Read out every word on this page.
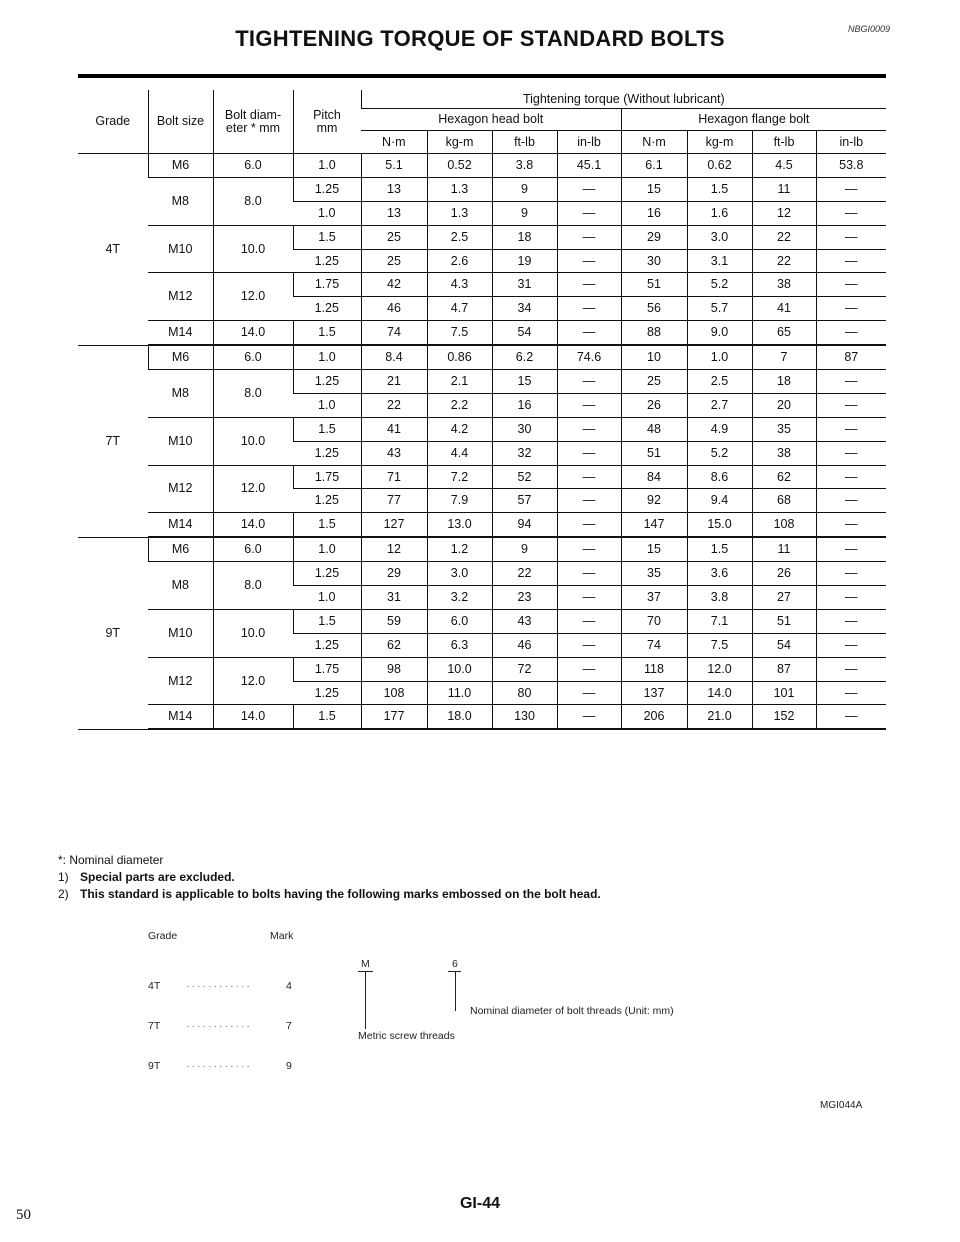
TIGHTENING TORQUE OF STANDARD BOLTS	NBGI0009
Grade	Bolt size	Bolt diam- eter * mm	Pitch mm	Tightening torque (Without lubricant)							
				Hexagon head bolt				Hexagon flange bolt			
				N·m	kg-m	ft-lb	in-lb	N·m	kg-m	ft-lb	in-lb
4T	M6	6.0	1.0	5.1	0.52	3.8	45.1	6.1	0.62	4.5	53.8
	M8	8.0	1.25	13	1.3	9	—	15	1.5	11	—
			1.0	13	1.3	9	—	16	1.6	12	—
	M10	10.0	1.5	25	2.5	18	—	29	3.0	22	—
			1.25	25	2.6	19	—	30	3.1	22	—
	M12	12.0	1.75	42	4.3	31	—	51	5.2	38	—
			1.25	46	4.7	34	—	56	5.7	41	—
	M14	14.0	1.5	74	7.5	54	—	88	9.0	65	—
7T	M6	6.0	1.0	8.4	0.86	6.2	74.6	10	1.0	7	87
	M8	8.0	1.25	21	2.1	15	—	25	2.5	18	—
			1.0	22	2.2	16	—	26	2.7	20	—
	M10	10.0	1.5	41	4.2	30	—	48	4.9	35	—
			1.25	43	4.4	32	—	51	5.2	38	—
	M12	12.0	1.75	71	7.2	52	—	84	8.6	62	—
			1.25	77	7.9	57	—	92	9.4	68	—
	M14	14.0	1.5	127	13.0	94	—	147	15.0	108	—
9T	M6	6.0	1.0	12	1.2	9	—	15	1.5	11	—
	M8	8.0	1.25	29	3.0	22	—	35	3.6	26	—
			1.0	31	3.2	23	—	37	3.8	27	—
	M10	10.0	1.5	59	6.0	43	—	70	7.1	51	—
			1.25	62	6.3	46	—	74	7.5	54	—
	M12	12.0	1.75	98	10.0	72	—	118	12.0	87	—
			1.25	108	11.0	80	—	137	14.0	101	—
	M14	14.0	1.5	177	18.0	130	—	206	21.0	152	—
*: Nominal diameter
1) Special parts are excluded.
2) This standard is applicable to bolts having the following marks embossed on the bolt head.
Grade	Mark
4T ············	4
7T ············	7
9T ············	9
M
Metric screw threads
6
Nominal diameter of bolt threads (Unit: mm)
MGI044A
GI-44
50
